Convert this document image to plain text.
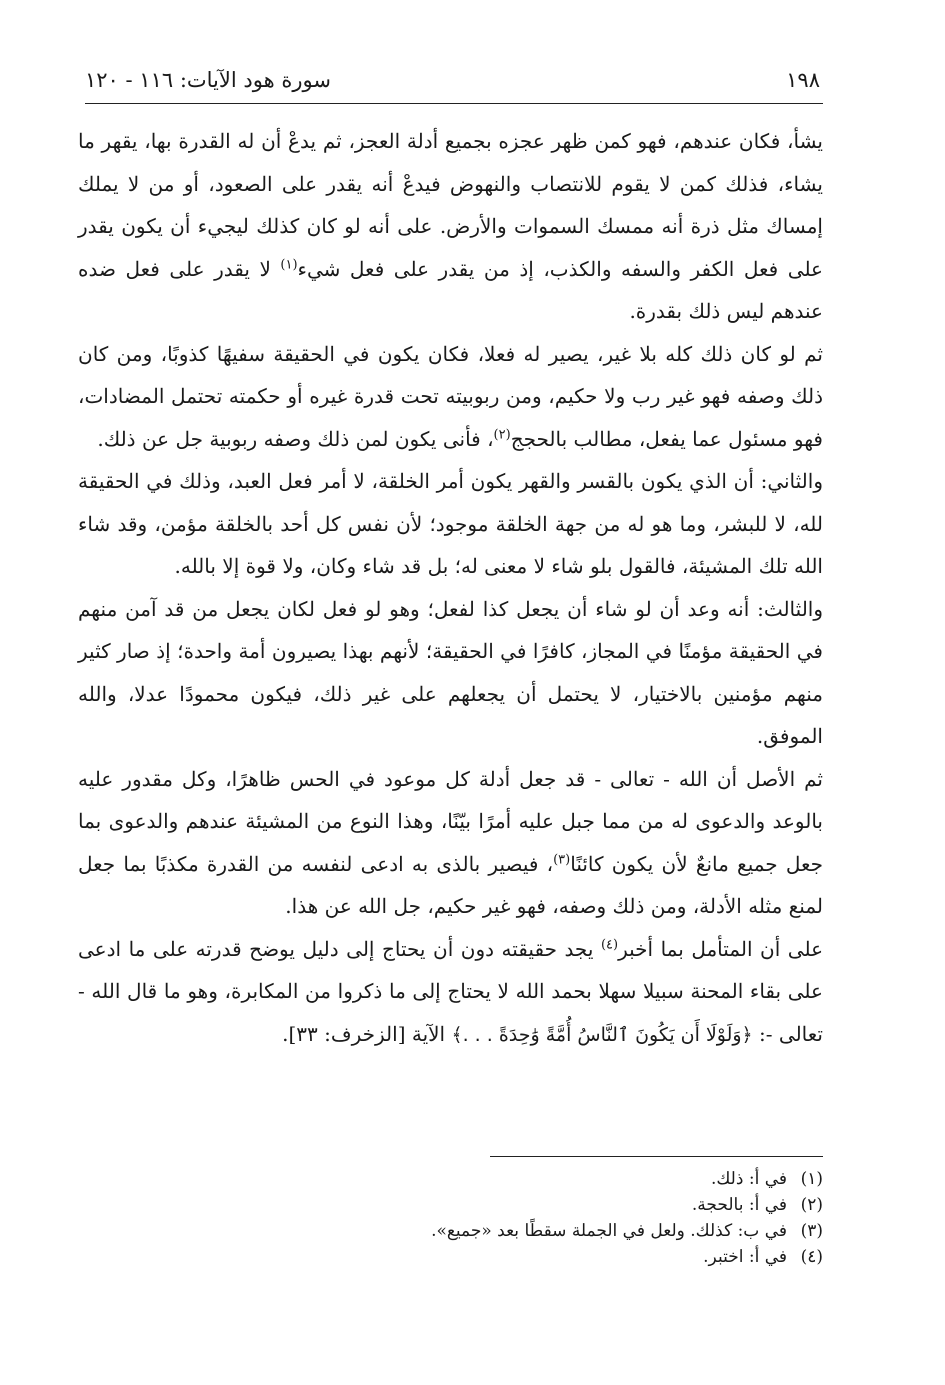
١٩٨
سورة هود الآيات: ١١٦ - ١٢٠

يشأ، فكان عندهم، فهو كمن ظهر عجزه بجميع أدلة العجز، ثم يدعْ أن له القدرة بها، يقهر ما يشاء، فذلك كمن لا يقوم للانتصاب والنهوض فيدعْ أنه يقدر على الصعود، أو من لا يملك إمساك مثل ذرة أنه ممسك السموات والأرض. على أنه لو كان كذلك ليجيء أن يكون يقدر على فعل الكفر والسفه والكذب، إذ من يقدر على فعل شيء$^{(١)}$ لا يقدر على فعل ضده عندهم ليس ذلك بقدرة.

ثم لو كان ذلك كله بلا غير، يصير له فعلا، فكان يكون في الحقيقة سفيهًا كذوبًا، ومن كان ذلك وصفه فهو غير رب ولا حكيم، ومن ربوبيته تحت قدرة غيره أو حكمته تحتمل المضادات، فهو مسئول عما يفعل، مطالب بالحجج$^{(٢)}$، فأنى يكون لمن ذلك وصفه ربوبية جل عن ذلك.

والثاني: أن الذي يكون بالقسر والقهر يكون أمر الخلقة، لا أمر فعل العبد، وذلك في الحقيقة لله، لا للبشر، وما هو له من جهة الخلقة موجود؛ لأن نفس كل أحد بالخلقة مؤمن، وقد شاء الله تلك المشيئة، فالقول بلو شاء لا معنى له؛ بل قد شاء وكان، ولا قوة إلا بالله.

والثالث: أنه وعد أن لو شاء أن يجعل كذا لفعل؛ وهو لو فعل لكان يجعل من قد آمن منهم في الحقيقة مؤمنًا في المجاز، كافرًا في الحقيقة؛ لأنهم بهذا يصيرون أمة واحدة؛ إذ صار كثير منهم مؤمنين بالاختيار، لا يحتمل أن يجعلهم على غير ذلك، فيكون محمودًا عدلا، والله الموفق.

ثم الأصل أن الله - تعالى - قد جعل أدلة كل موعود في الحس ظاهرًا، وكل مقدور عليه بالوعد والدعوى له من مما جبل عليه أمرًا بيّنًا، وهذا النوع من المشيئة عندهم والدعوى بما جعل جميع مانعٌ لأن يكون كائنًا$^{(٣)}$، فيصير بالذى به ادعى لنفسه من القدرة مكذبًا بما جعل لمنع مثله الأدلة، ومن ذلك وصفه، فهو غير حكيم، جل الله عن هذا.

على أن المتأمل بما أخبر$^{(٤)}$ يجد حقيقته دون أن يحتاج إلى دليل يوضح قدرته على ما ادعى على بقاء المحنة سبيلا سهلا بحمد الله لا يحتاج إلى ما ذكروا من المكابرة، وهو ما قال الله - تعالى -: ﴿وَلَوْلَا أَن يَكُونَ ٱلنَّاسُ أُمَّةً وَٰحِدَةً . . .﴾ الآية [الزخرف: ٣٣].

(١)
في أ: ذلك.
(٢)
في أ: بالحجة.
(٣)
في ب: كذلك. ولعل في الجملة سقطًا بعد «جميع».
(٤)
في أ: اختبر.
